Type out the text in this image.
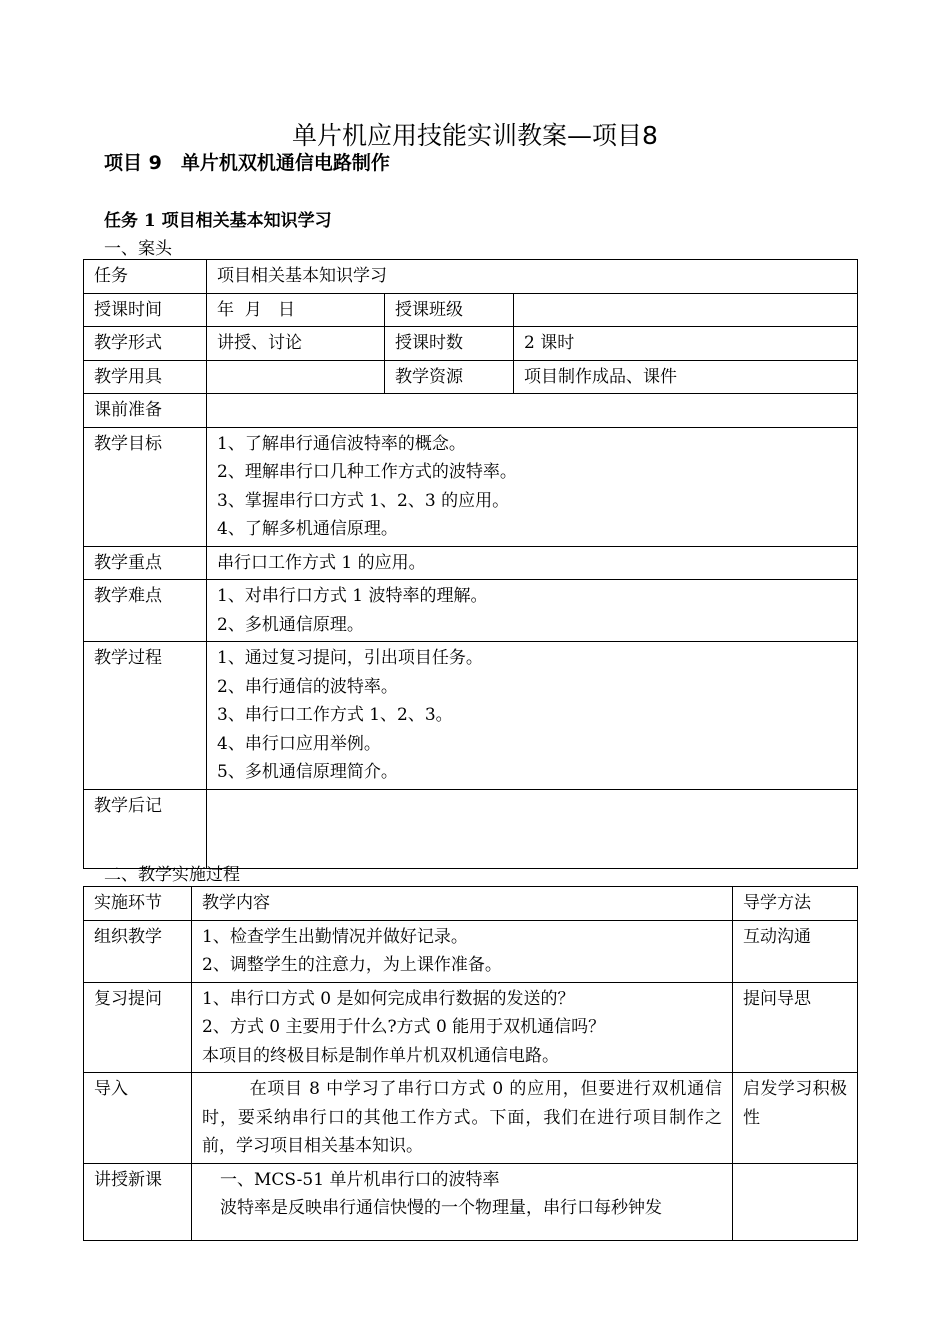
单片机应用技能实训教案—项目8
项目 9　单片机双机通信电路制作
任务 1 项目相关基本知识学习
一、案头
任务	项目相关基本知识学习		
授课时间	年  月   日	授课班级	
教学形式	讲授、讨论	授课时数	2 课时
教学用具		教学资源	项目制作成品、课件
课前准备			
教学目标	1、了解串行通信波特率的概念。
2、理解串行口几种工作方式的波特率。
3、掌握串行口方式 1、2、3 的应用。
4、了解多机通信原理。		

教学重点	串行口工作方式 1 的应用。		
教学难点	1、对串行口方式 1 波特率的理解。
2、多机通信原理。		

教学过程	1、通过复习提问，引出项目任务。
2、串行通信的波特率。
3、串行口工作方式 1、2、3。
4、串行口应用举例。
5、多机通信原理简介。		

教学后记			
二、教学实施过程
实施环节	教学内容	导学方法
组织教学	1、检查学生出勤情况并做好记录。
2、调整学生的注意力，为上课作准备。	互动沟通
复习提问	1、串行口方式 0 是如何完成串行数据的发送的？
2、方式 0 主要用于什么?方式 0 能用于双机通信吗？
本项目的终极目标是制作单片机双机通信电路。	提问导思
导入	在项目 8 中学习了串行口方式 0 的应用，但要进行双机通信时，要采纳串行口的其他工作方式。下面，我们在进行项目制作之前，学习项目相关基本知识。	启发学习积极性
讲授新课	一、MCS-51 单片机串行口的波特率
波特率是反映串行通信快慢的一个物理量，串行口每秒钟发	
